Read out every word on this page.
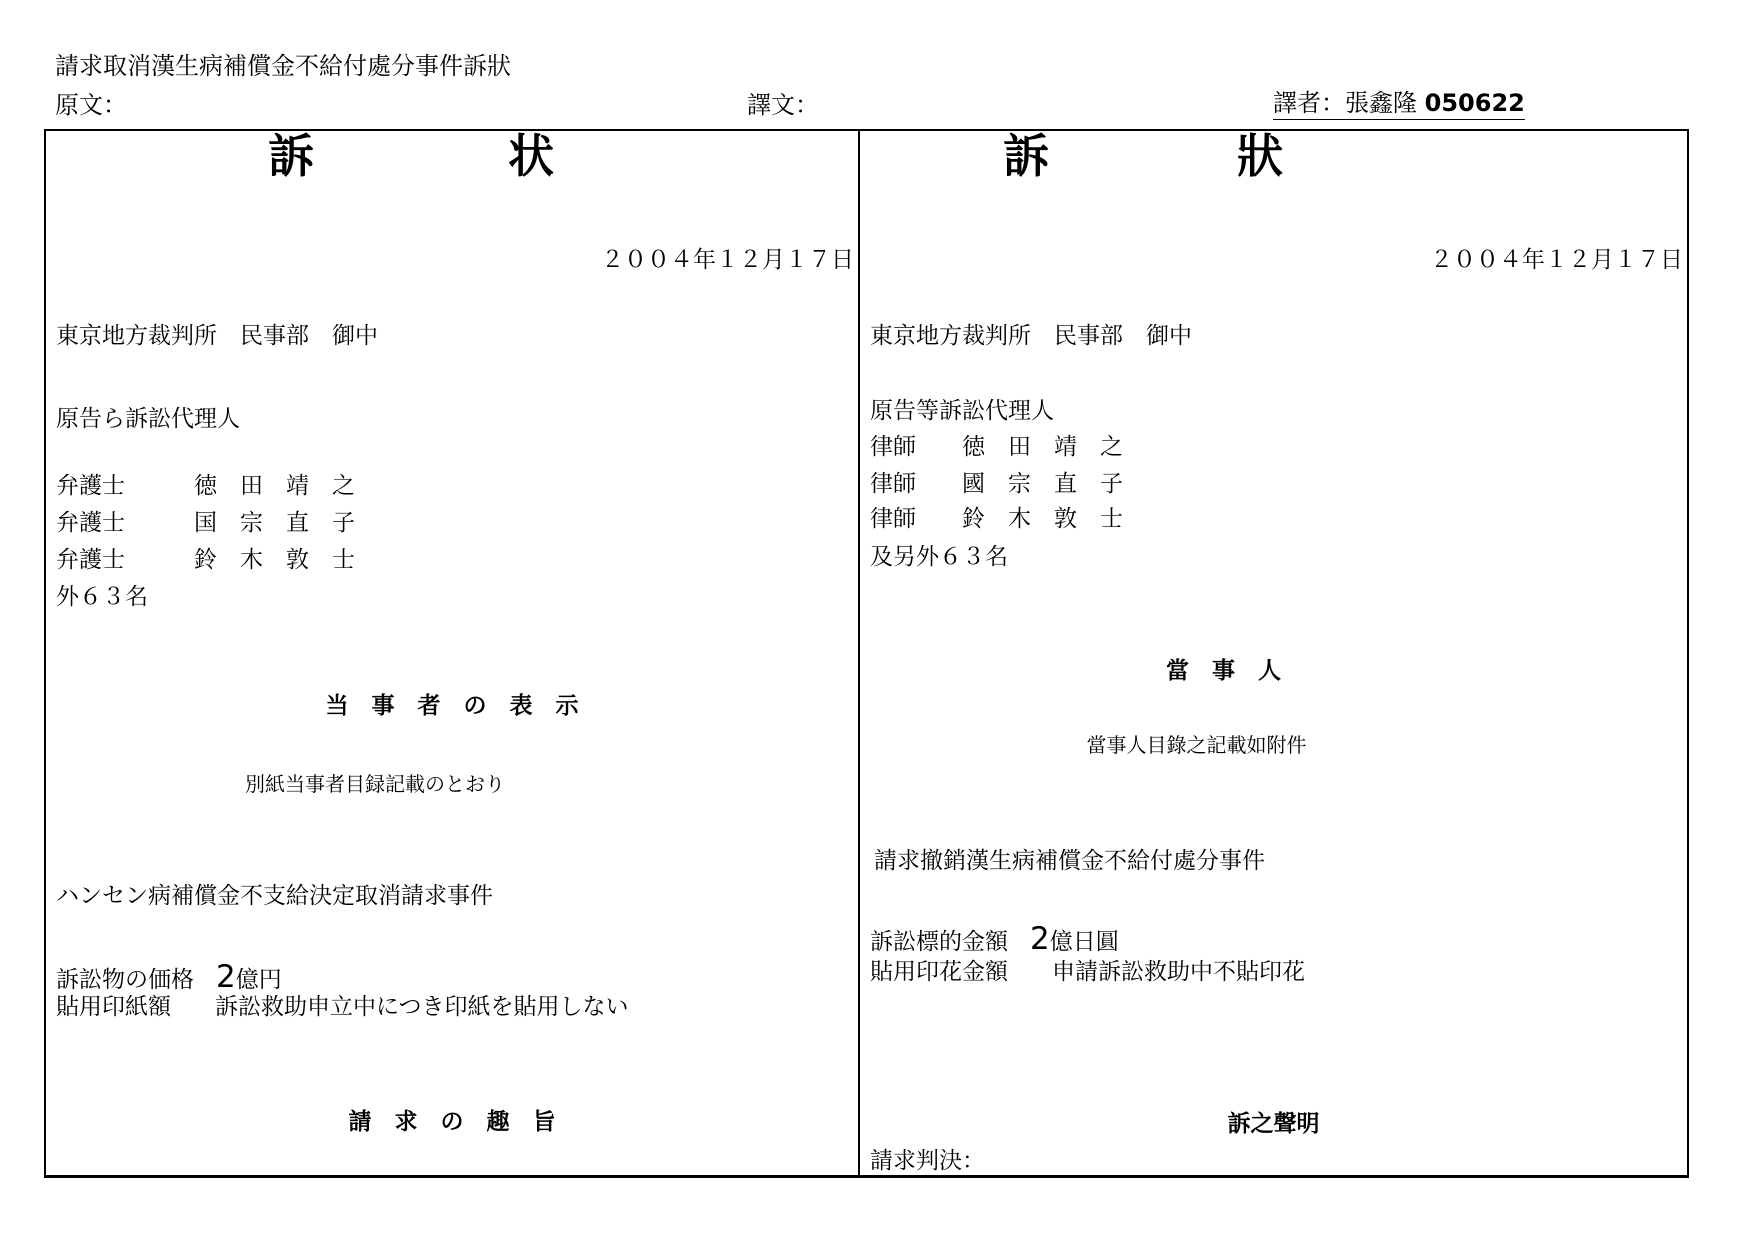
請求取消漢生病補償金不給付處分事件訴狀
原文：	譯文：	譯者：張鑫隆 050622
訴	状
２００４年１２月１７日
東京地方裁判所　民事部　御中
原告ら訴訟代理人
弁護士　　　徳　田　靖　之
弁護士　　　国　宗　直　子
弁護士　　　鈴　木　敦　士
外６３名
当　事　者　の　表　示
別紙当事者目録記載のとおり
ハンセン病補償金不支給決定取消請求事件
訴訟物の価格 2億円
貼用印紙額 訴訟救助申立中につき印紙を貼用しない
請　求　の　趣　旨
訴	狀
２００４年１２月１７日
東京地方裁判所　民事部　御中
原告等訴訟代理人
律師　　徳　田　靖　之
律師　　國　宗　直　子
律師　　鈴　木　敦　士
及另外６３名
當　事　人
當事人目錄之記載如附件
請求撤銷漢生病補償金不給付處分事件
訴訟標的金額 2億日圓
貼用印花金額 申請訴訟救助中不貼印花
訴之聲明
請求判決：
